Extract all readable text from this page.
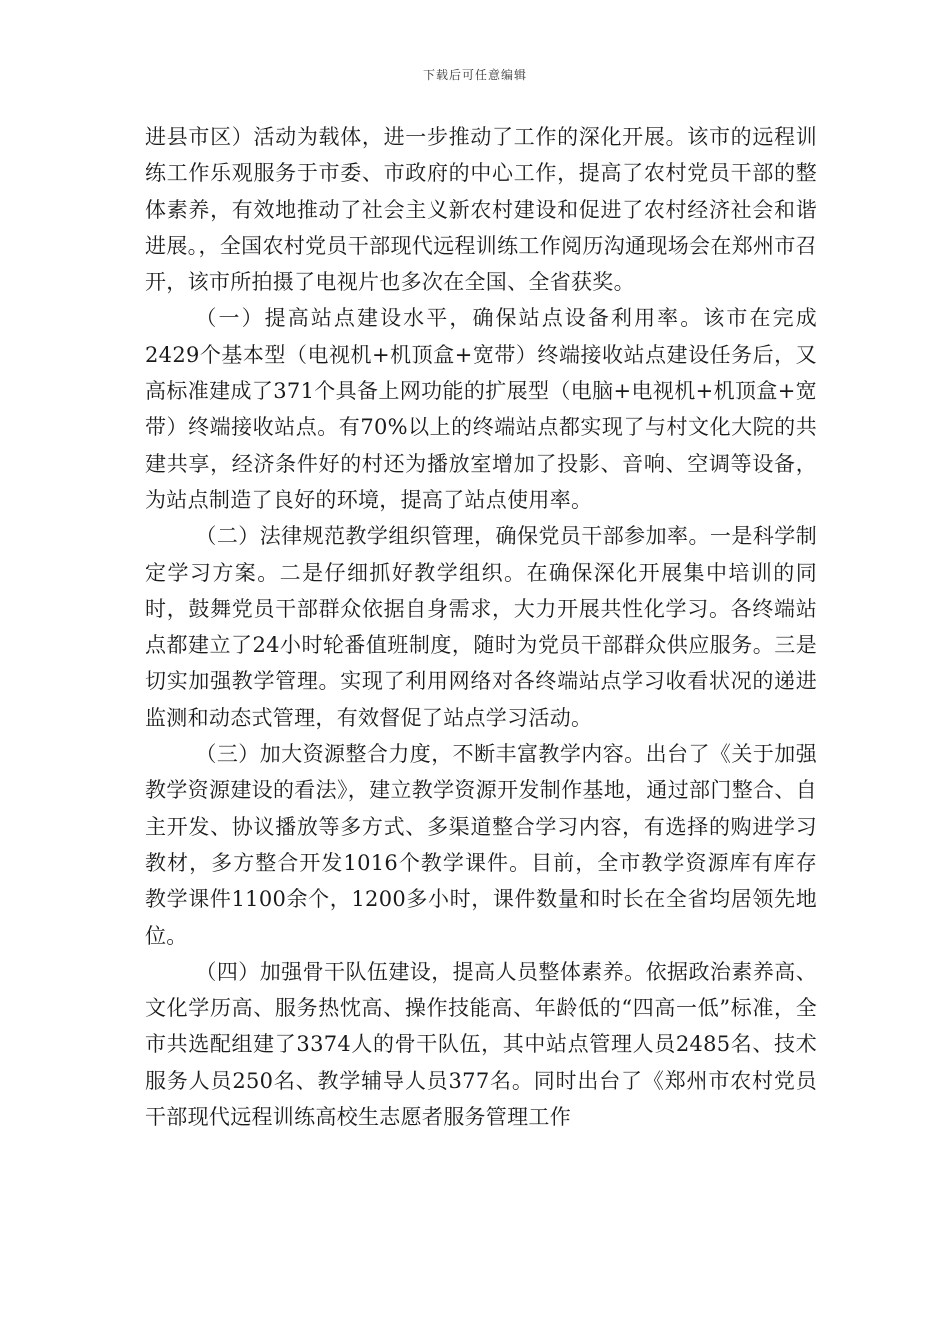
下载后可任意编辑

进县市区）活动为载体，进一步推动了工作的深化开展。该市的远程训练工作乐观服务于市委、市政府的中心工作，提高了农村党员干部的整体素养，有效地推动了社会主义新农村建设和促进了农村经济社会和谐进展。，全国农村党员干部现代远程训练工作阅历沟通现场会在郑州市召开，该市所拍摄了电视片也多次在全国、全省获奖。

（一）提高站点建设水平，确保站点设备利用率。该市在完成2429个基本型（电视机+机顶盒+宽带）终端接收站点建设任务后，又高标准建成了371个具备上网功能的扩展型（电脑+电视机+机顶盒+宽带）终端接收站点。有70%以上的终端站点都实现了与村文化大院的共建共享，经济条件好的村还为播放室增加了投影、音响、空调等设备，为站点制造了良好的环境，提高了站点使用率。

（二）法律规范教学组织管理，确保党员干部参加率。一是科学制定学习方案。二是仔细抓好教学组织。在确保深化开展集中培训的同时，鼓舞党员干部群众依据自身需求，大力开展共性化学习。各终端站点都建立了24小时轮番值班制度，随时为党员干部群众供应服务。三是切实加强教学管理。实现了利用网络对各终端站点学习收看状况的递进监测和动态式管理，有效督促了站点学习活动。

（三）加大资源整合力度，不断丰富教学内容。出台了《关于加强教学资源建设的看法》，建立教学资源开发制作基地，通过部门整合、自主开发、协议播放等多方式、多渠道整合学习内容，有选择的购进学习教材，多方整合开发1016个教学课件。目前，全市教学资源库有库存教学课件1100余个，1200多小时，课件数量和时长在全省均居领先地位。

（四）加强骨干队伍建设，提高人员整体素养。依据政治素养高、文化学历高、服务热忱高、操作技能高、年龄低的“四高一低”标准，全市共选配组建了3374人的骨干队伍，其中站点管理人员2485名、技术服务人员250名、教学辅导人员377名。同时出台了《郑州市农村党员干部现代远程训练高校生志愿者服务管理工作
